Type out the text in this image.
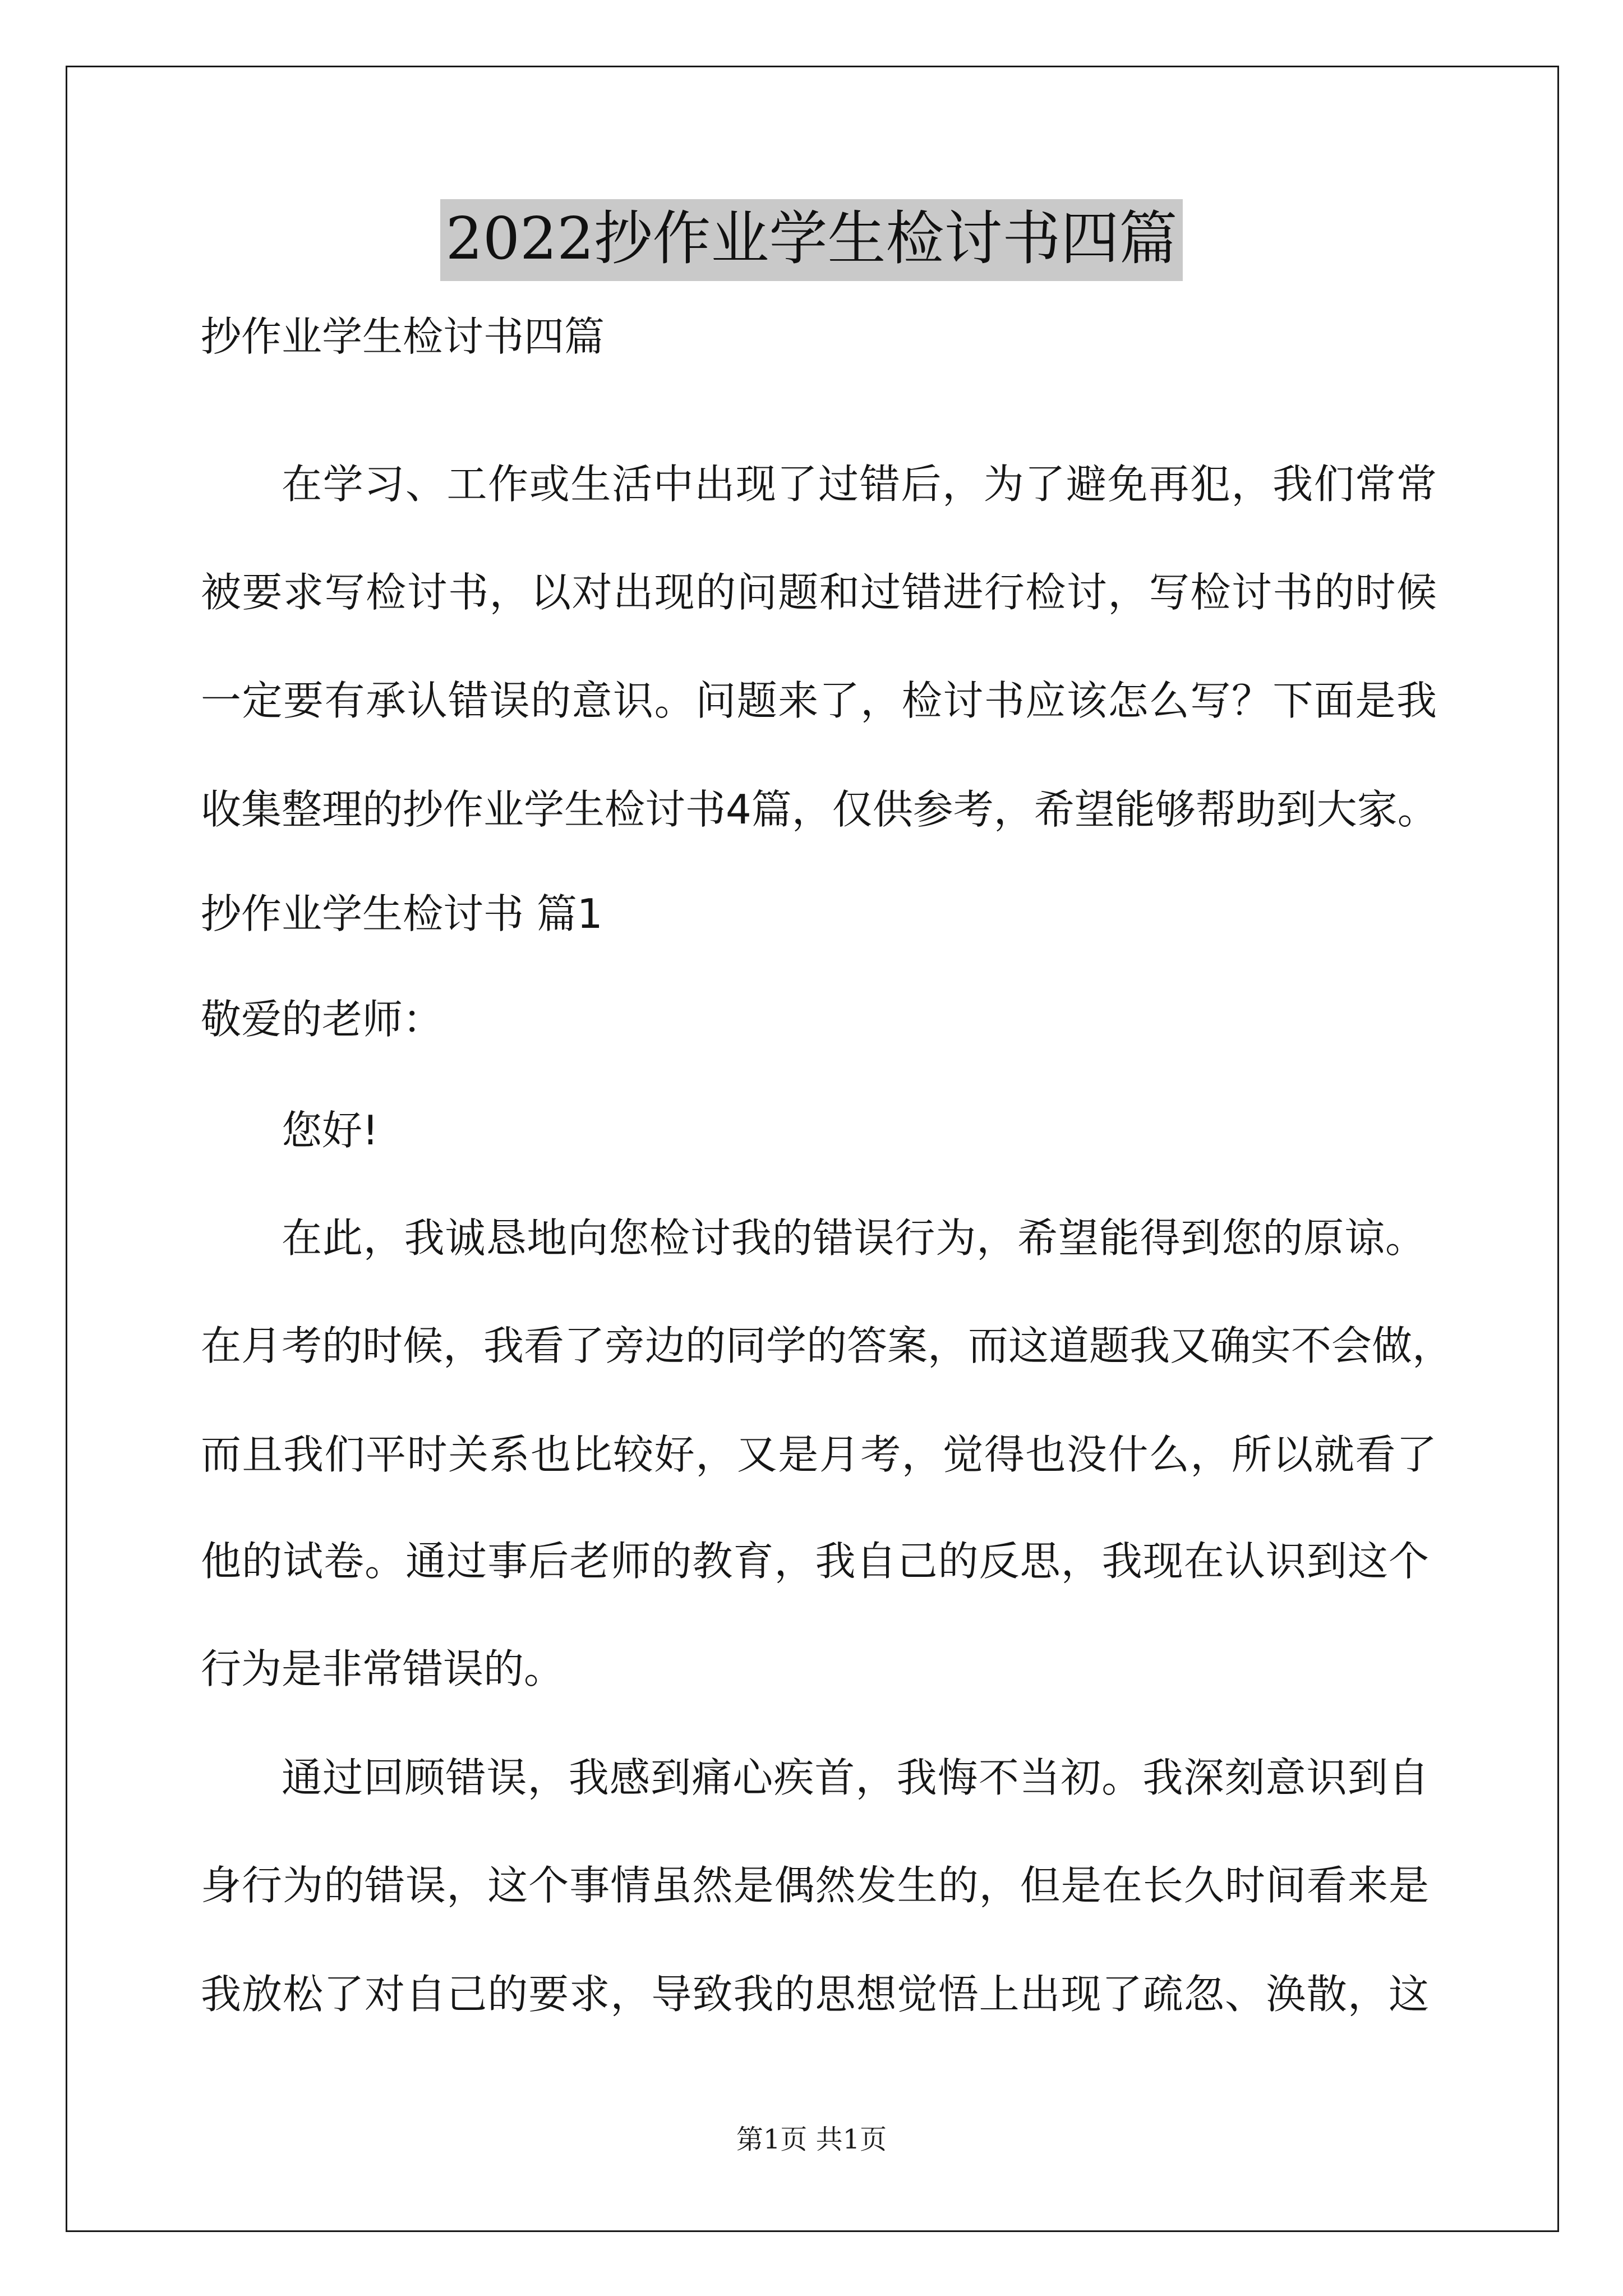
2022抄作业学生检讨书四篇

抄作业学生检讨书四篇

在学习、工作或生活中出现了过错后，为了避免再犯，我们常常

被要求写检讨书，以对出现的问题和过错进行检讨，写检讨书的时候

一定要有承认错误的意识。问题来了，检讨书应该怎么写？下面是我

收集整理的抄作业学生检讨书4篇，仅供参考，希望能够帮助到大家。

抄作业学生检讨书 篇1

敬爱的老师：

您好!

在此，我诚恳地向您检讨我的错误行为，希望能得到您的原谅。

在月考的时候，我看了旁边的同学的答案，而这道题我又确实不会做，

而且我们平时关系也比较好，又是月考，觉得也没什么，所以就看了

他的试卷。通过事后老师的教育，我自己的反思，我现在认识到这个

行为是非常错误的。

通过回顾错误，我感到痛心疾首，我悔不当初。我深刻意识到自

身行为的错误，这个事情虽然是偶然发生的，但是在长久时间看来是

我放松了对自己的要求，导致我的思想觉悟上出现了疏忽、涣散，这

第1页 共1页
